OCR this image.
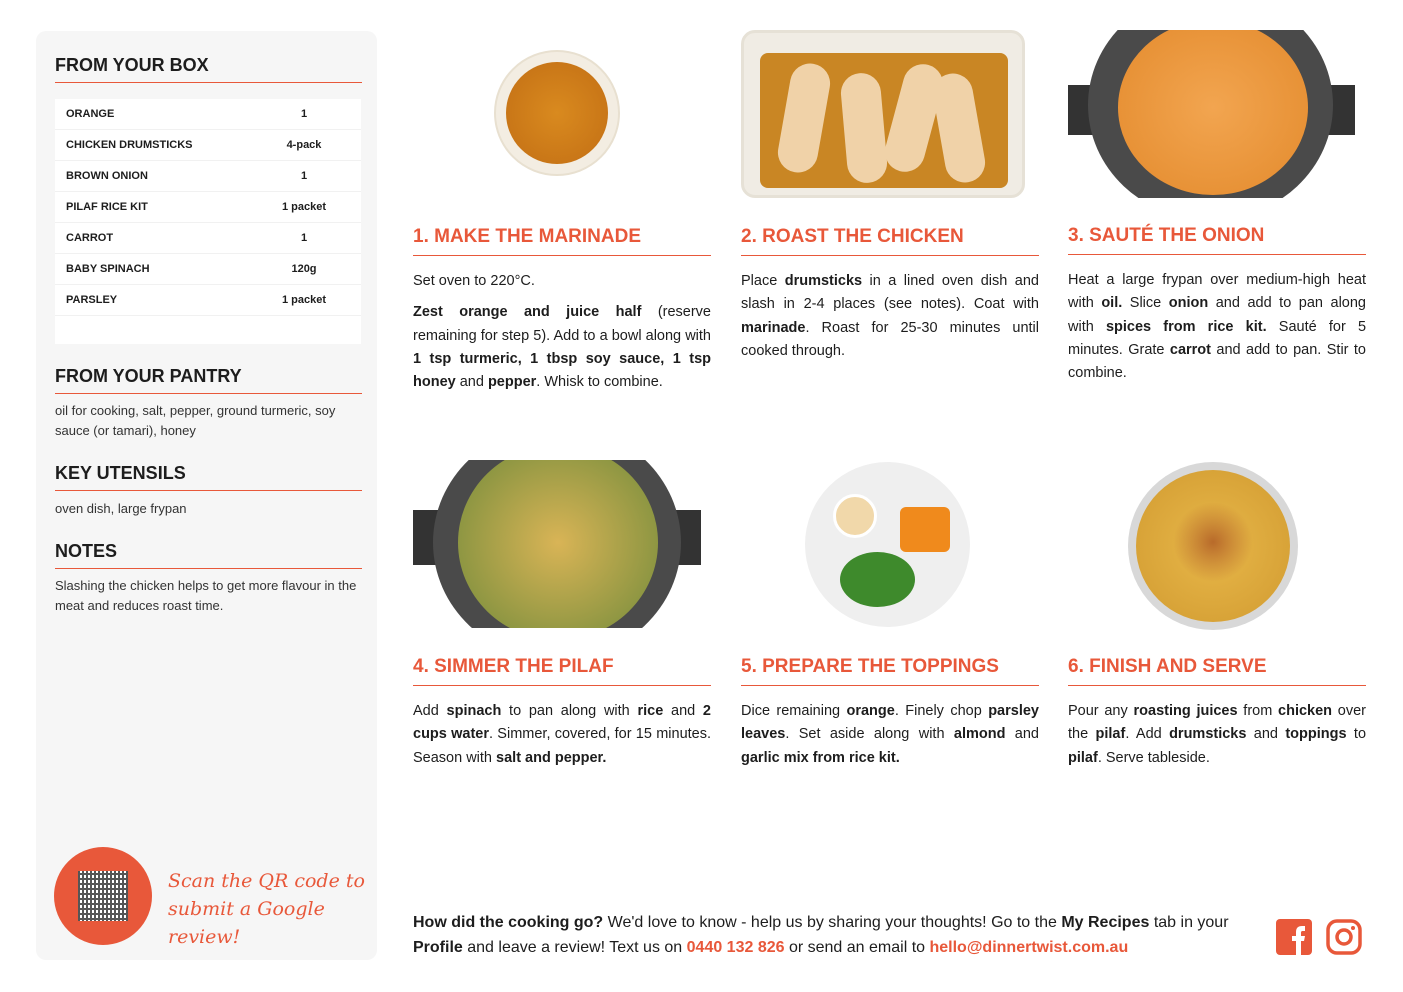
FROM YOUR BOX
ORANGE	1
CHICKEN DRUMSTICKS	4-pack
BROWN ONION	1
PILAF RICE KIT	1 packet
CARROT	1
BABY SPINACH	120g
PARSLEY	1 packet
FROM YOUR PANTRY
oil for cooking, salt, pepper, ground turmeric, soy sauce (or tamari), honey
KEY UTENSILS
oven dish, large frypan
NOTES
Slashing the chicken helps to get more flavour in the meat and reduces roast time.
Scan the QR code to
submit a Google review!
1. MAKE THE MARINADE

Set oven to 220°C.

Zest orange and juice half (reserve remaining for step 5). Add to a bowl along with 1 tsp turmeric, 1 tbsp soy sauce, 1 tsp honey and pepper. Whisk to combine.

2. ROAST THE CHICKEN

Place drumsticks in a lined oven dish and slash in 2-4 places (see notes). Coat with marinade. Roast for 25-30 minutes until cooked through.

3. SAUTÉ THE ONION

Heat a large frypan over medium-high heat with oil. Slice onion and add to pan along with spices from rice kit. Sauté for 5 minutes. Grate carrot and add to pan. Stir to combine.

4. SIMMER THE PILAF

Add spinach to pan along with rice and 2 cups water. Simmer, covered, for 15 minutes. Season with salt and pepper.

5. PREPARE THE TOPPINGS

Dice remaining orange. Finely chop parsley leaves. Set aside along with almond and garlic mix from rice kit.

6. FINISH AND SERVE

Pour any roasting juices from chicken over the pilaf. Add drumsticks and toppings to pilaf. Serve tableside.

How did the cooking go? We'd love to know - help us by sharing your thoughts! Go to the My Recipes tab in your Profile and leave a review! Text us on 0440 132 826 or send an email to hello@dinnertwist.com.au
